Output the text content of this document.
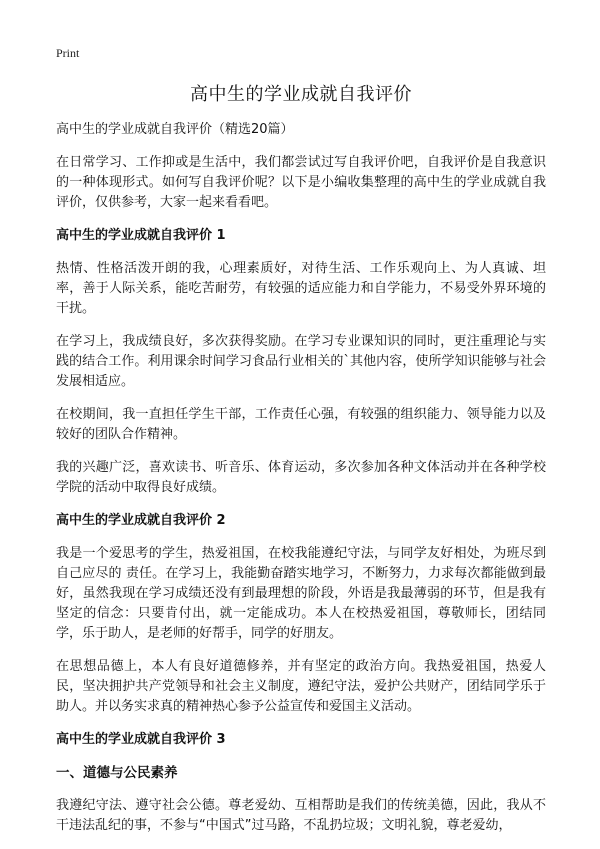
Print
高中生的学业成就自我评价
高中生的学业成就自我评价（精选20篇）

在日常学习、工作抑或是生活中，我们都尝试过写自我评价吧，自我评价是自我意识的一种体现形式。如何写自我评价呢？以下是小编收集整理的高中生的学业成就自我评价，仅供参考，大家一起来看看吧。

高中生的学业成就自我评价 1

热情、性格活泼开朗的我，心理素质好，对待生活、工作乐观向上、为人真诚、坦率，善于人际关系，能吃苦耐劳，有较强的适应能力和自学能力，不易受外界环境的干扰。

在学习上，我成绩良好，多次获得奖励。在学习专业课知识的同时，更注重理论与实践的结合工作。利用课余时间学习食品行业相关的`其他内容，使所学知识能够与社会发展相适应。

在校期间，我一直担任学生干部，工作责任心强，有较强的组织能力、领导能力以及较好的团队合作精神。

我的兴趣广泛，喜欢读书、听音乐、体育运动，多次参加各种文体活动并在各种学校学院的活动中取得良好成绩。

高中生的学业成就自我评价 2

我是一个爱思考的学生，热爱祖国，在校我能遵纪守法，与同学友好相处，为班尽到自己应尽的 责任。在学习上，我能勤奋踏实地学习，不断努力，力求每次都能做到最好，虽然我现在学习成绩还没有到最理想的阶段，外语是我最薄弱的环节，但是我有坚定的信念：只要肯付出，就一定能成功。本人在校热爱祖国，尊敬师长，团结同学，乐于助人，是老师的好帮手，同学的好朋友。

在思想品德上，本人有良好道德修养，并有坚定的政治方向。我热爱祖国，热爱人民，坚决拥护共产党领导和社会主义制度，遵纪守法，爱护公共财产，团结同学乐于助人。并以务实求真的精神热心参予公益宣传和爱国主义活动。

高中生的学业成就自我评价 3
一、道德与公民素养

我遵纪守法、遵守社会公德。尊老爱幼、互相帮助是我们的传统美德，因此，我从不干违法乱纪的事，不参与“中国式”过马路，不乱扔垃圾；文明礼貌，尊老爱幼，
